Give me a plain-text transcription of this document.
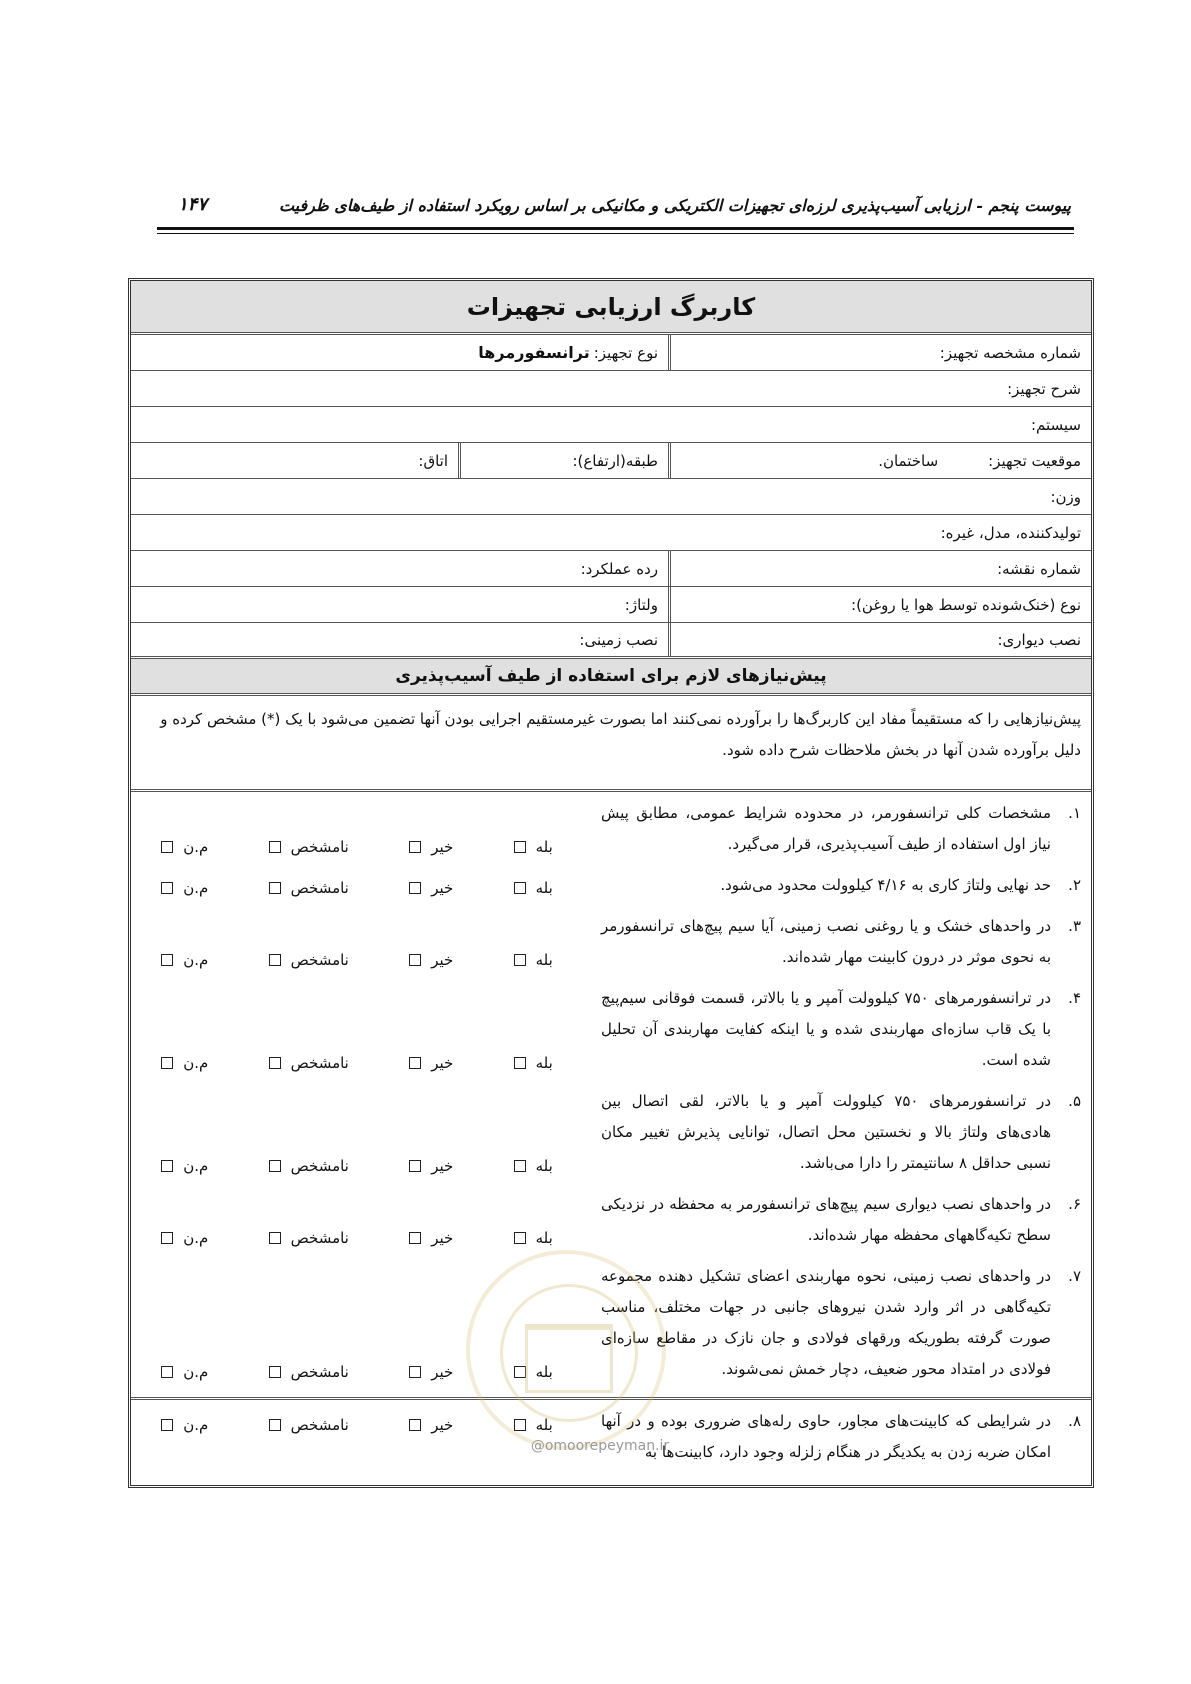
پیوست پنجم - ارزیابی آسیب‌پذیری لرزه‌ای تجهیزات الکتریکی و مکانیکی بر اساس رویکرد استفاده از طیف‌های ظرفیت
۱۴۷
کاربرگ ارزیابی تجهیزات
شماره مشخصه تجهیز:
نوع تجهیز:
ترانسفورمرها
شرح تجهیز:
سیستم:
موقعیت تجهیز:
ساختمان.
طبقه(ارتفاع):
اتاق:
وزن:
تولیدکننده، مدل، غیره:
شماره نقشه:
رده عملکرد:
نوع (خنک‌شونده توسط هوا یا روغن):
ولتاژ:
نصب دیواری:
نصب زمینی:
پیش‌نیازهای لازم برای استفاده از طیف آسیب‌پذیری
پیش‌نیازهایی را که مستقیماً مفاد این کاربرگ‌ها را برآورده نمی‌کنند اما بصورت غیرمستقیم اجرایی بودن آنها تضمین می‌شود با یک (*) مشخص کرده و دلیل برآورده شدن آنها در بخش ملاحظات شرح داده شود.
۱.
مشخصات کلی ترانسفورمر، در محدوده شرایط عمومی، مطابق پیش نیاز اول استفاده از طیف آسیب‌پذیری، قرار می‌گیرد.
بله
خیر
نامشخص
م.ن
۲.
حد نهایی ولتاژ کاری به ۴/۱۶ کیلوولت محدود می‌شود.
بله
خیر
نامشخص
م.ن
۳.
در واحدهای خشک و یا روغنی نصب زمینی، آیا سیم پیچ‌های ترانسفورمر به نحوی موثر در درون کابینت مهار شده‌اند.
بله
خیر
نامشخص
م.ن
۴.
در ترانسفورمرهای ۷۵۰ کیلوولت آمپر و یا بالاتر، قسمت فوقانی سیم‌پیچ با یک قاب سازه‌ای مهاربندی شده و یا اینکه کفایت مهاربندی آن تحلیل شده است.
بله
خیر
نامشخص
م.ن
۵.
در ترانسفورمرهای ۷۵۰ کیلوولت آمپر و یا بالاتر، لقی اتصال بین هادی‌های ولتاژ بالا و نخستین محل اتصال، توانایی پذیرش تغییر مکان نسبی حداقل ۸ سانتیمتر را دارا می‌باشد.
بله
خیر
نامشخص
م.ن
۶.
در واحدهای نصب دیواری سیم پیچ‌های ترانسفورمر به محفظه در نزدیکی سطح تکیه‌گاههای محفظه مهار شده‌اند.
بله
خیر
نامشخص
م.ن
۷.
در واحدهای نصب زمینی، نحوه مهاربندی اعضای تشکیل دهنده مجموعه تکیه‌گاهی در اثر وارد شدن نیروهای جانبی در جهات مختلف، مناسب صورت گرفته بطوریکه ورقهای فولادی و جان نازک در مقاطع سازه‌ای فولادی در امتداد محور ضعیف، دچار خمش نمی‌شوند.
بله
خیر
نامشخص
م.ن
۸.
در شرایطی که کابینت‌های مجاور، حاوی رله‌های ضروری بوده و در آنها امکان ضربه زدن به یکدیگر در هنگام زلزله وجود دارد، کابینت‌ها به
بله
خیر
نامشخص
م.ن
@omoorepeyman.ir
